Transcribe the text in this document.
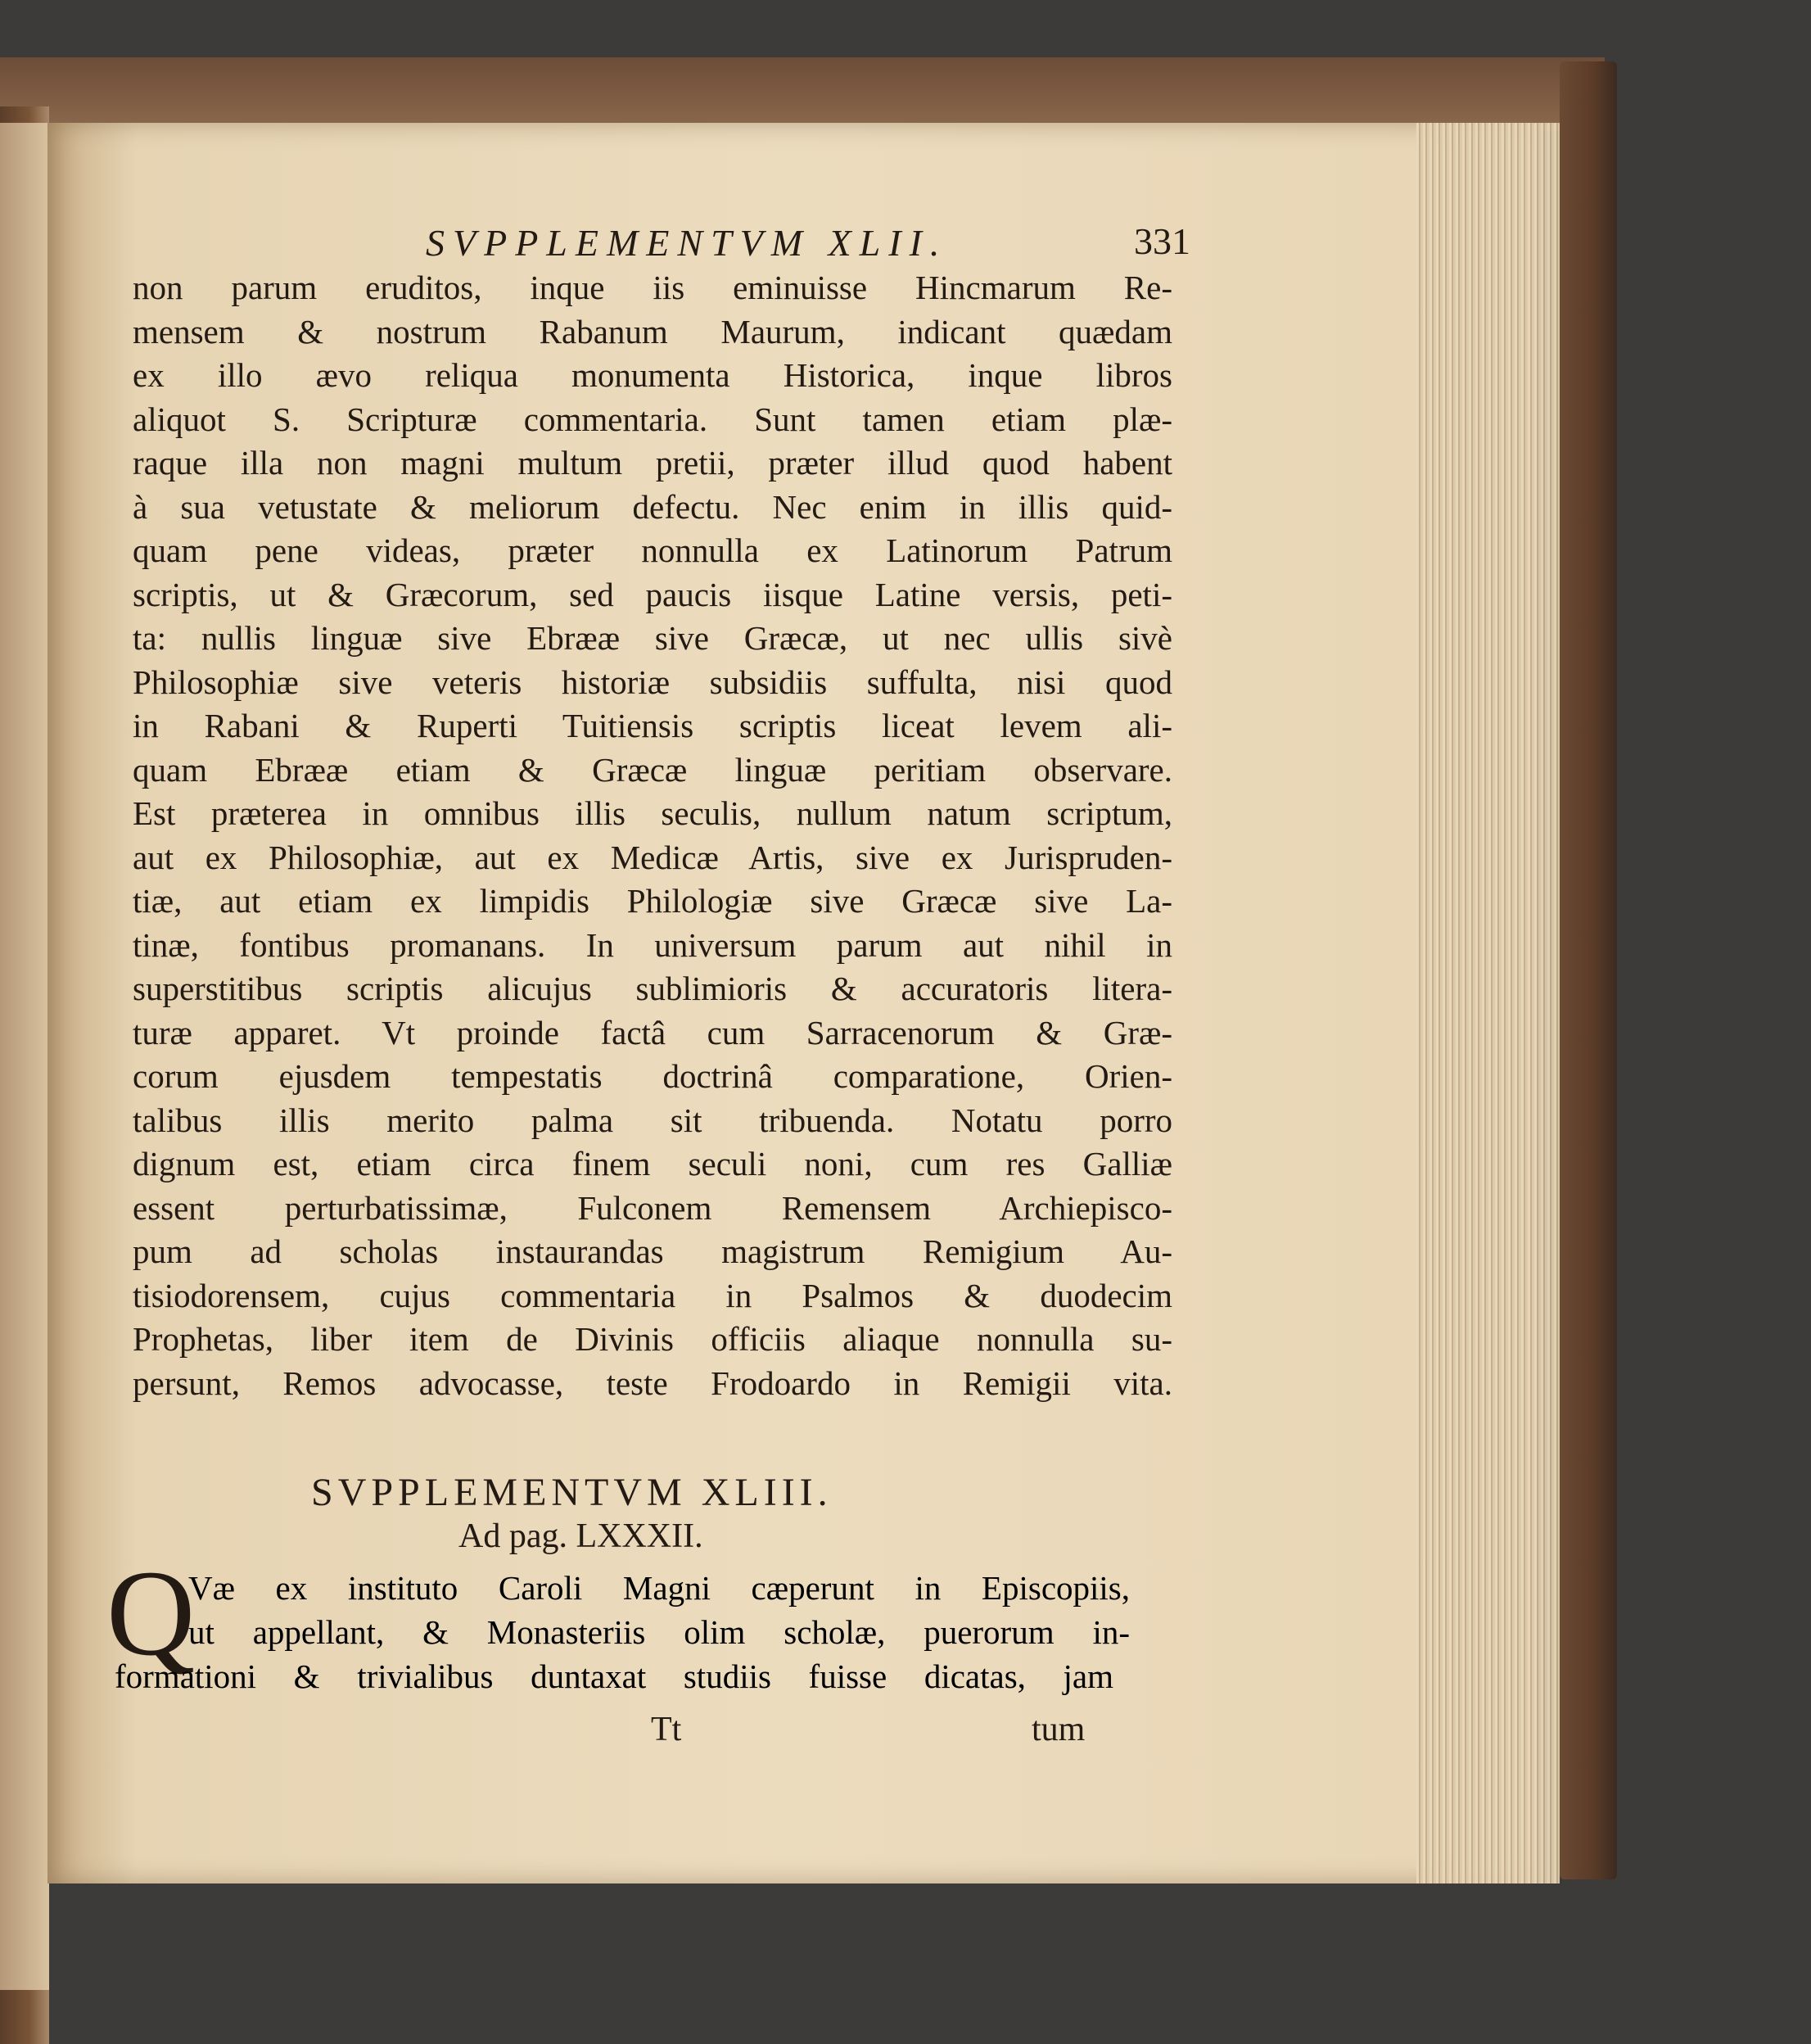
SVPPLEMENTVM XLII.	331
non parum eruditos, inque iis eminuisse Hincmarum Re-
mensem & nostrum Rabanum Maurum, indicant quædam
ex illo ævo reliqua monumenta Historica, inque libros
aliquot S. Scripturæ commentaria. Sunt tamen etiam plæ-
raque illa non magni multum pretii, præter illud quod habent
à sua vetustate & meliorum defectu. Nec enim in illis quid-
quam pene videas, præter nonnulla ex Latinorum Patrum
scriptis, ut & Græcorum, sed paucis iisque Latine versis, peti-
ta: nullis linguæ sive Ebrææ sive Græcæ, ut nec ullis sivè
Philosophiæ sive veteris historiæ subsidiis suffulta, nisi quod
in Rabani & Ruperti Tuitiensis scriptis liceat levem ali-
quam Ebrææ etiam & Græcæ linguæ peritiam observare.
Est præterea in omnibus illis seculis, nullum natum scriptum,
aut ex Philosophiæ, aut ex Medicæ Artis, sive ex Jurispruden-
tiæ, aut etiam ex limpidis Philologiæ sive Græcæ sive La-
tinæ, fontibus promanans. In universum parum aut nihil in
superstitibus scriptis alicujus sublimioris & accuratoris litera-
turæ apparet. Vt proinde factâ cum Sarracenorum & Græ-
corum ejusdem tempestatis doctrinâ comparatione, Orien-
talibus illis merito palma sit tribuenda. Notatu porro
dignum est, etiam circa finem seculi noni, cum res Galliæ
essent perturbatissimæ, Fulconem Remensem Archiepisco-
pum ad scholas instaurandas magistrum Remigium Au-
tisiodorensem, cujus commentaria in Psalmos & duodecim
Prophetas, liber item de Divinis officiis aliaque nonnulla su-
persunt, Remos advocasse, teste Frodoardo in Remigii vita.
SVPPLEMENTVM XLIII.
Ad pag. LXXXII.
Q
Væ ex instituto Caroli Magni cæperunt in Episcopiis,
ut appellant, & Monasteriis olim scholæ, puerorum in-
formationi & trivialibus duntaxat studiis fuisse dicatas, jam
Tt	tum
